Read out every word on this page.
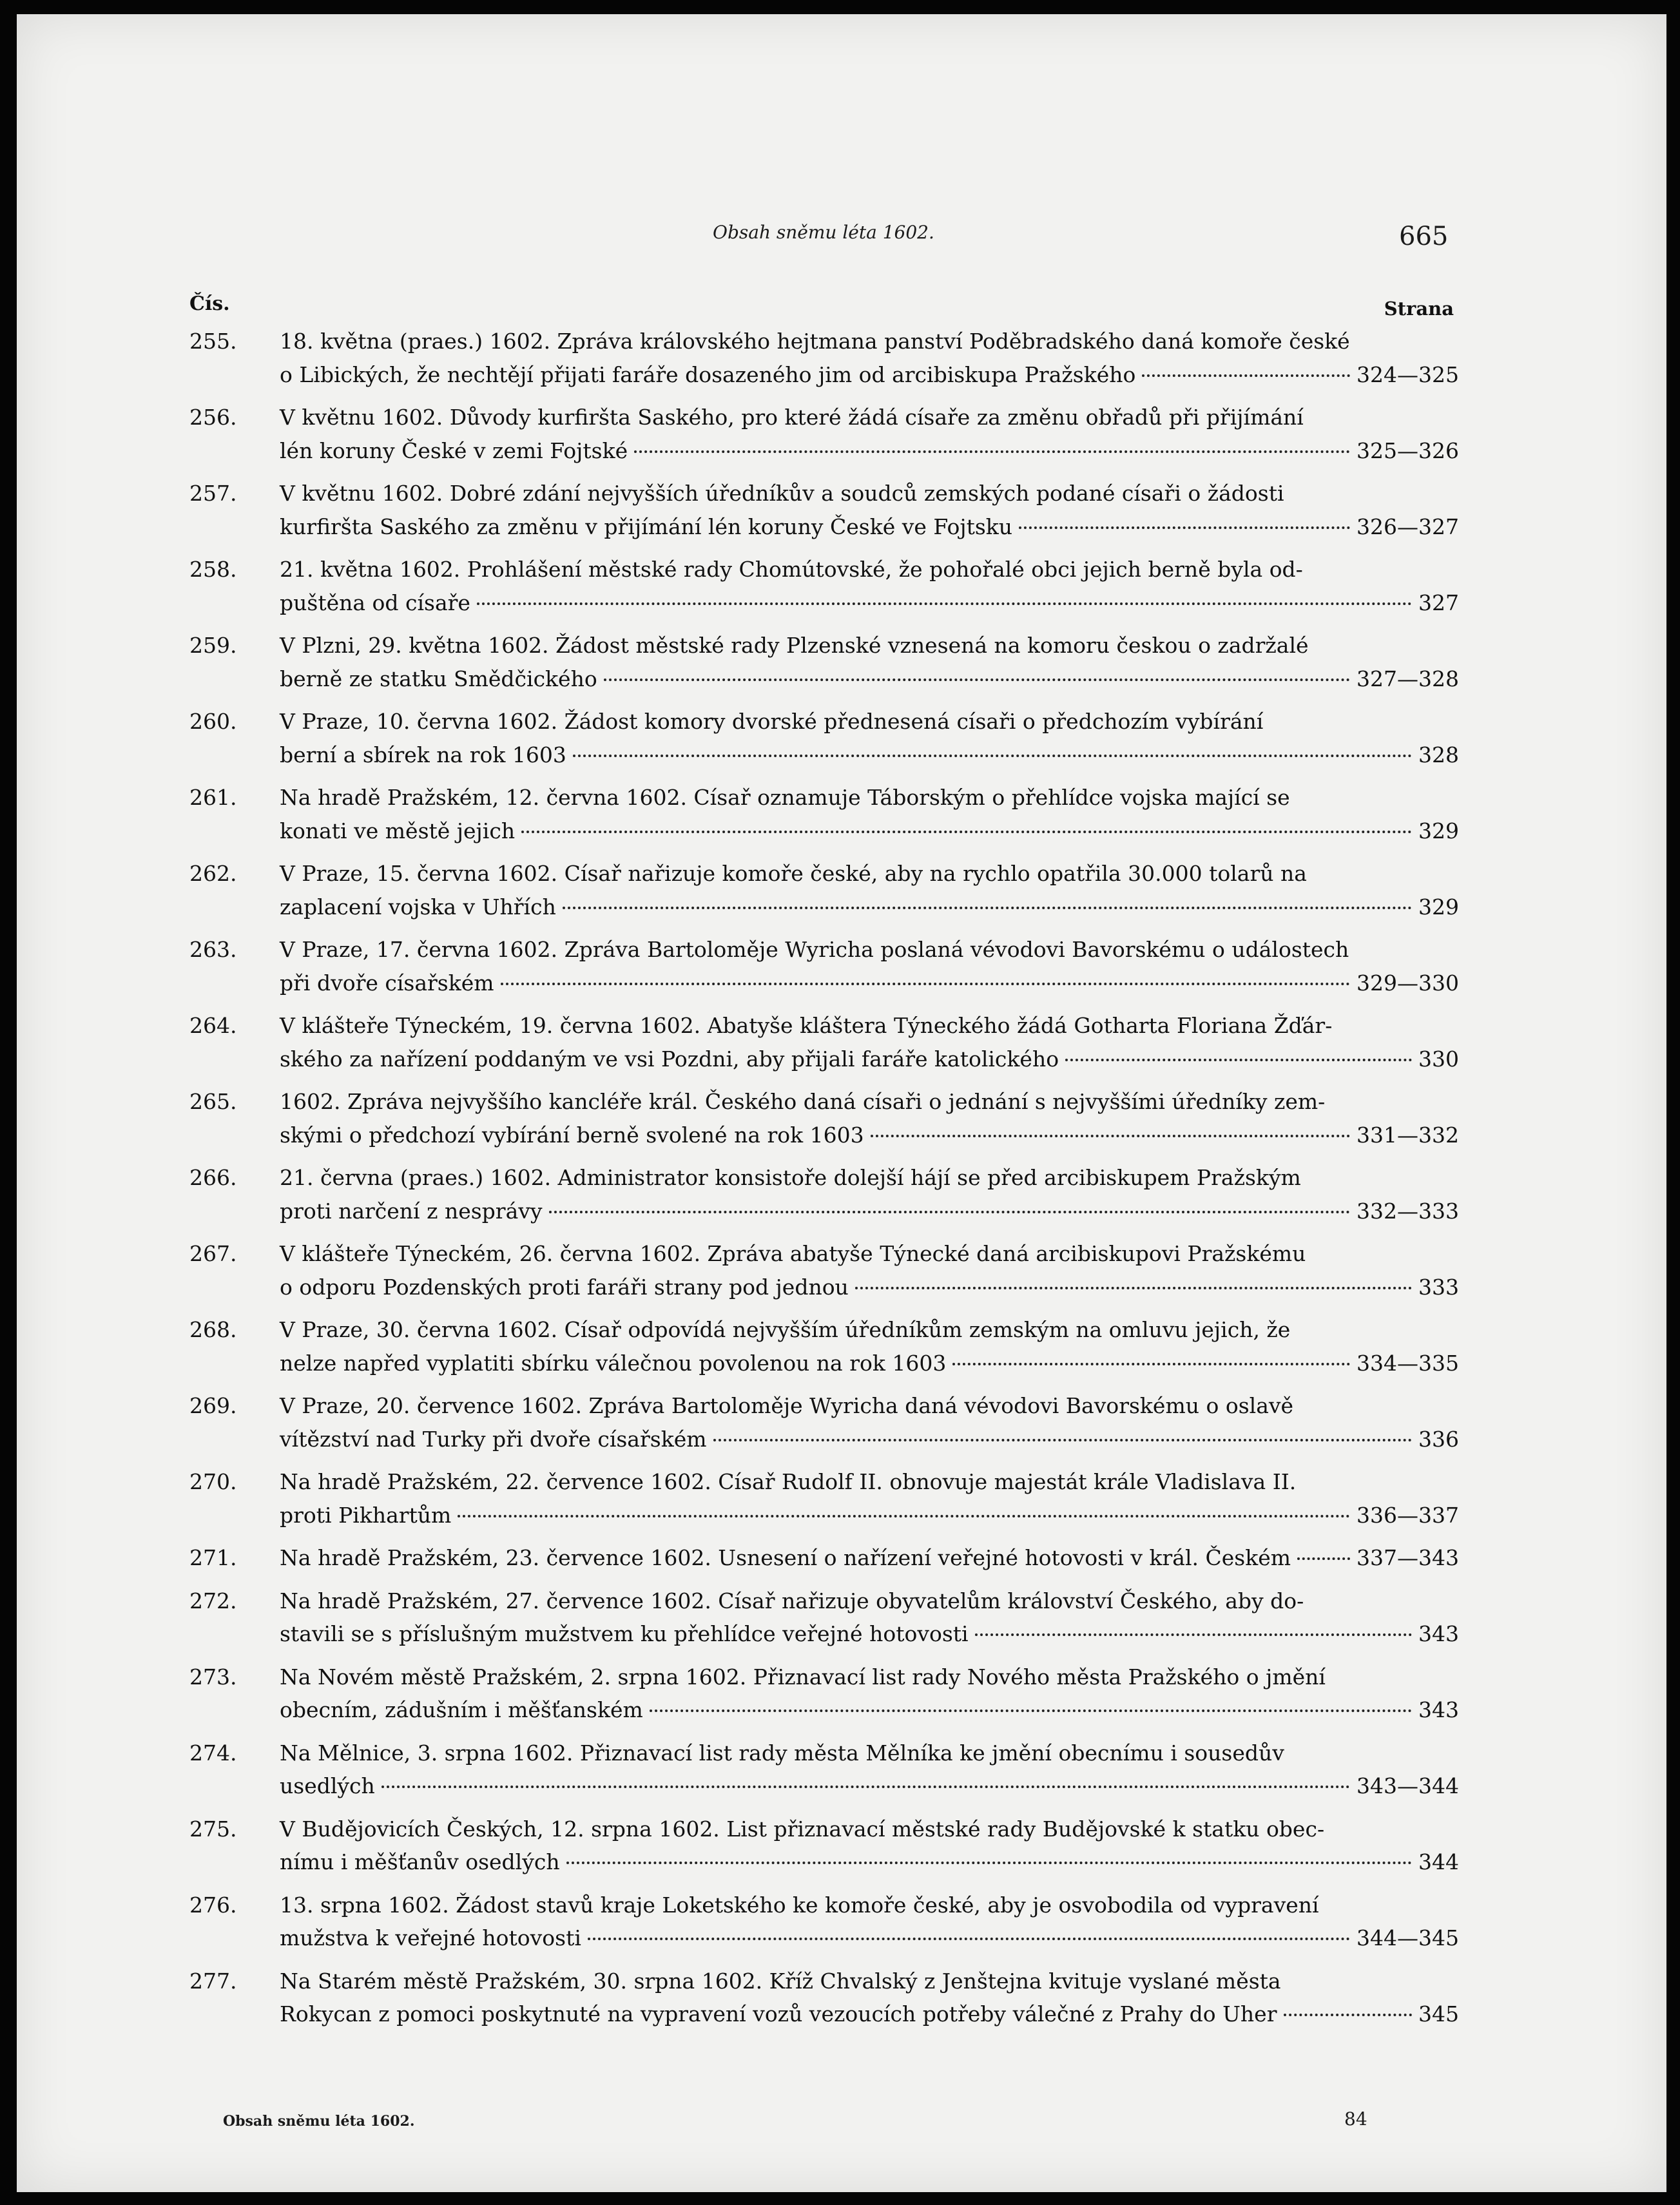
Obsah sněmu léta 1602.	665
Čís.	Strana
255. 18. května (praes.) 1602. Zpráva královského hejtmana panství Poděbradského daná komoře české
o Libických, že nechtějí přijati faráře dosazeného jim od arcibiskupa Pražského	324—325
256. V květnu 1602. Důvody kurfiršta Saského, pro které žádá císaře za změnu obřadů při přijímání
lén koruny České v zemi Fojtské	325—326
257. V květnu 1602. Dobré zdání nejvyšších úředníkův a soudců zemských podané císaři o žádosti
kurfiršta Saského za změnu v přijímání lén koruny České ve Fojtsku	326—327
258. 21. května 1602. Prohlášení městské rady Chomútovské, že pohořalé obci jejich berně byla od-
puštěna od císaře	327
259. V Plzni, 29. května 1602. Žádost městské rady Plzenské vznesená na komoru českou o zadržalé
berně ze statku Smědčického	327—328
260. V Praze, 10. června 1602. Žádost komory dvorské přednesená císaři o předchozím vybírání
berní a sbírek na rok 1603	328
261. Na hradě Pražském, 12. června 1602. Císař oznamuje Táborským o přehlídce vojska mající se
konati ve městě jejich	329
262. V Praze, 15. června 1602. Císař nařizuje komoře české, aby na rychlo opatřila 30.000 tolarů na
zaplacení vojska v Uhřích	329
263. V Praze, 17. června 1602. Zpráva Bartoloměje Wyricha poslaná vévodovi Bavorskému o událostech
při dvoře císařském	329—330
264. V klášteře Týneckém, 19. června 1602. Abatyše kláštera Týneckého žádá Gotharta Floriana Žďár-
ského za nařízení poddaným ve vsi Pozdni, aby přijali faráře katolického	330
265. 1602. Zpráva nejvyššího kancléře král. Českého daná císaři o jednání s nejvyššími úředníky zem-
skými o předchozí vybírání berně svolené na rok 1603	331—332
266. 21. června (praes.) 1602. Administrator konsistoře dolejší hájí se před arcibiskupem Pražským
proti narčení z nesprávy	332—333
267. V klášteře Týneckém, 26. června 1602. Zpráva abatyše Týnecké daná arcibiskupovi Pražskému
o odporu Pozdenských proti faráři strany pod jednou	333
268. V Praze, 30. června 1602. Císař odpovídá nejvyšším úředníkům zemským na omluvu jejich, že
nelze napřed vyplatiti sbírku válečnou povolenou na rok 1603	334—335
269. V Praze, 20. července 1602. Zpráva Bartoloměje Wyricha daná vévodovi Bavorskému o oslavě
vítězství nad Turky při dvoře císařském	336
270. Na hradě Pražském, 22. července 1602. Císař Rudolf II. obnovuje majestát krále Vladislava II.
proti Pikhartům	336—337
271. Na hradě Pražském, 23. července 1602. Usnesení o nařízení veřejné hotovosti v král. Českém	337—343
272. Na hradě Pražském, 27. července 1602. Císař nařizuje obyvatelům království Českého, aby do-
stavili se s příslušným mužstvem ku přehlídce veřejné hotovosti	343
273. Na Novém městě Pražském, 2. srpna 1602. Přiznavací list rady Nového města Pražského o jmění
obecním, zádušním i měšťanském	343
274. Na Mělnice, 3. srpna 1602. Přiznavací list rady města Mělníka ke jmění obecnímu i sousedův
usedlých	343—344
275. V Budějovicích Českých, 12. srpna 1602. List přiznavací městské rady Budějovské k statku obec-
nímu i měšťanův osedlých	344
276. 13. srpna 1602. Žádost stavů kraje Loketského ke komoře české, aby je osvobodila od vypravení
mužstva k veřejné hotovosti	344—345
277. Na Starém městě Pražském, 30. srpna 1602. Kříž Chvalský z Jenštejna kvituje vyslané města
Rokycan z pomoci poskytnuté na vypravení vozů vezoucích potřeby válečné z Prahy do Uher	345
Obsah sněmu léta 1602.	84
